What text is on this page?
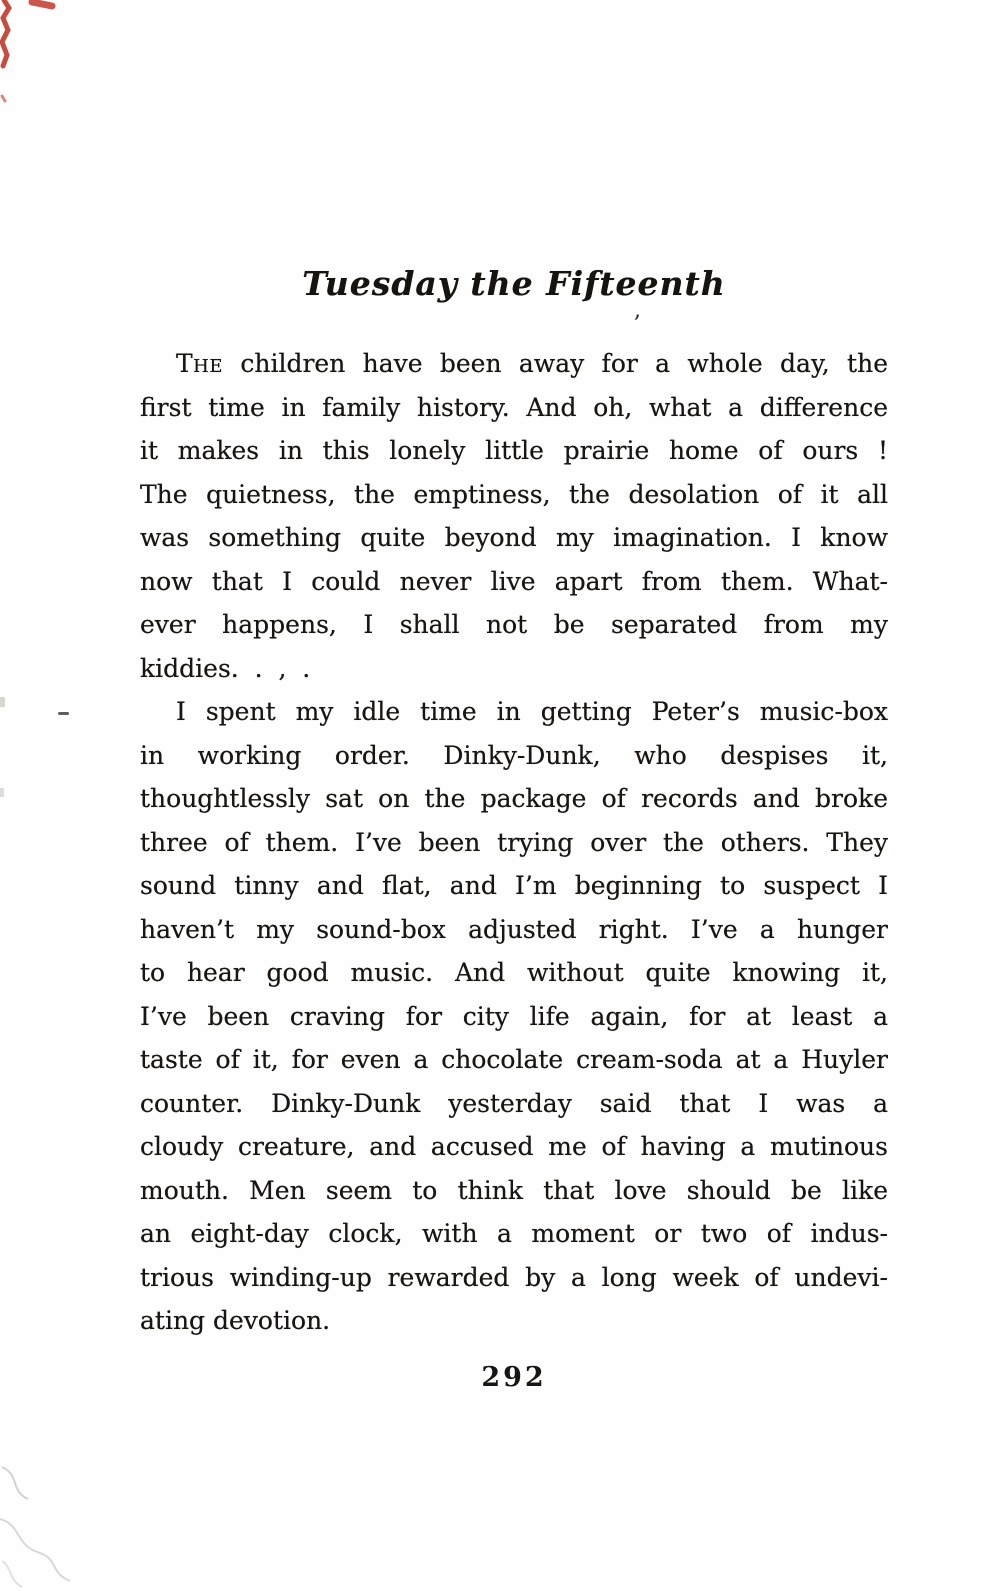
Tuesday the Fifteenth
,
The children have been away for a whole day, the
first time in family history. And oh, what a difference
it makes in this lonely little prairie home of ours !
The quietness, the emptiness, the desolation of it all
was something quite beyond my imagination. I know
now that I could never live apart from them. What-
ever happens, I shall not be separated from my
kiddies.  .  ,  .
I spent my idle time in getting Peter’s music-box
in working order. Dinky-Dunk, who despises it,
thoughtlessly sat on the package of records and broke
three of them. I’ve been trying over the others. They
sound tinny and flat, and I’m beginning to suspect I
haven’t my sound-box adjusted right. I’ve a hunger
to hear good music. And without quite knowing it,
I’ve been craving for city life again, for at least a
taste of it, for even a chocolate cream-soda at a Huyler
counter. Dinky-Dunk yesterday said that I was a
cloudy creature, and accused me of having a mutinous
mouth. Men seem to think that love should be like
an eight-day clock, with a moment or two of indus-
trious winding-up rewarded by a long week of undevi-
ating devotion.
292
